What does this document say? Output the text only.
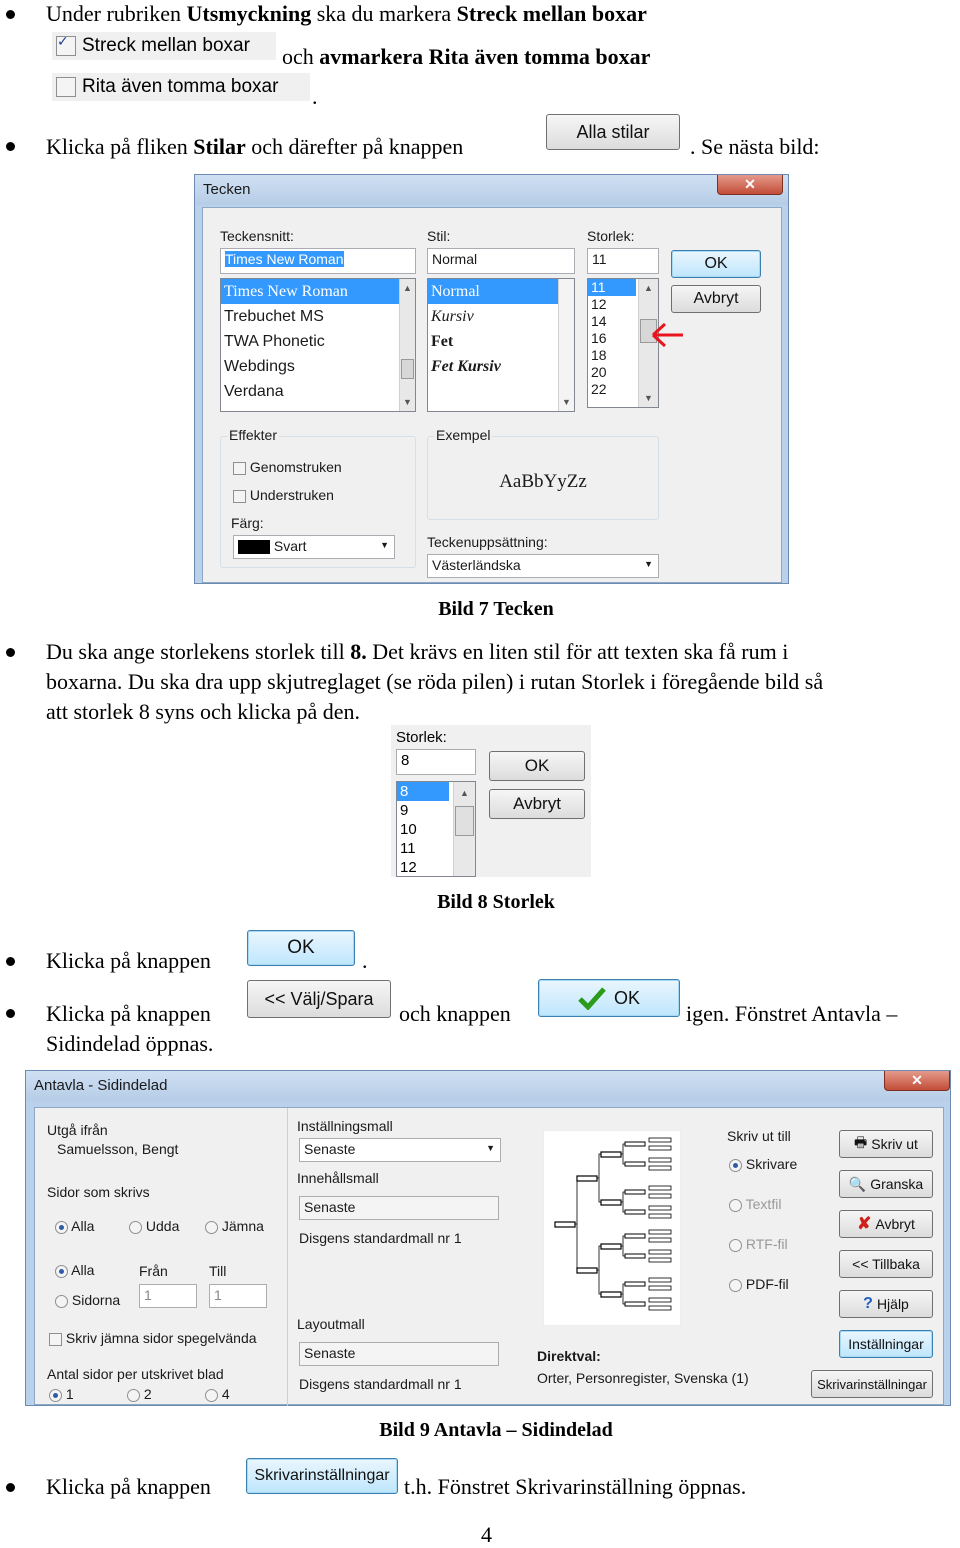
Under rubriken Utsmyckning ska du markera Streck mellan boxar
✓
Streck mellan boxar och avmarkera Rita även tomma boxar
Rita även tomma boxar .
Klicka på fliken Stilar och därefter på knappen
Alla stilar
. Se nästa bild:
Tecken	✕
Teckensnitt:
Times New Roman
Times New Roman
Trebuchet MS
TWA Phonetic
Webdings
Verdana
▲
▼
Stil:
Normal
Normal
Kursiv
Fet
Fet Kursiv
▼
Storlek:
11
11
12
14
16
18
20
22
▲
▼
OK
Avbryt
Effekter
Genomstruken
Understruken
Färg:
Svart ▼
Exempel
AaBbYyZz
Teckenuppsättning:
Västerländska ▼
Bild 7 Tecken
Du ska ange storlekens storlek till 8. Det krävs en liten stil för att texten ska få rum i
boxarna. Du ska dra upp skjutreglaget (se röda pilen) i rutan Storlek i föregående bild så
att storlek 8 syns och klicka på den.
Storlek:
8
8
9
10
11
12
▲
OK
Avbryt
Bild 8 Storlek
Klicka på knappen
OK
.
Klicka på knappen
<< Välj/Spara
och knappen
OK
igen. Fönstret Antavla –
Sidindelad öppnas.
Antavla - Sidindelad	✕
Utgå ifrån
Samuelsson, Bengt
Sidor som skrivs
Alla	Udda	Jämna
Alla	Från	Till
Sidorna	1	1
Skriv jämna sidor spegelvända
Antal sidor per utskrivet blad
1	2	4
Inställningsmall
Senaste ▼
Innehållsmall
Senaste
Disgens standardmall nr 1
Layoutmall
Senaste
Disgens standardmall nr 1
Direktval:
Orter, Personregister, Svenska (1)
Skriv ut till
Skrivare
Textfil
RTF-fil
PDF-fil
🖶 Skriv ut
🔍 Granska
✘ Avbryt
<< Tillbaka
? Hjälp
Inställningar
Skrivarinställningar
Bild 9 Antavla – Sidindelad
Klicka på knappen	Skrivarinställningar t.h. Fönstret Skrivarinställning öppnas.
4
